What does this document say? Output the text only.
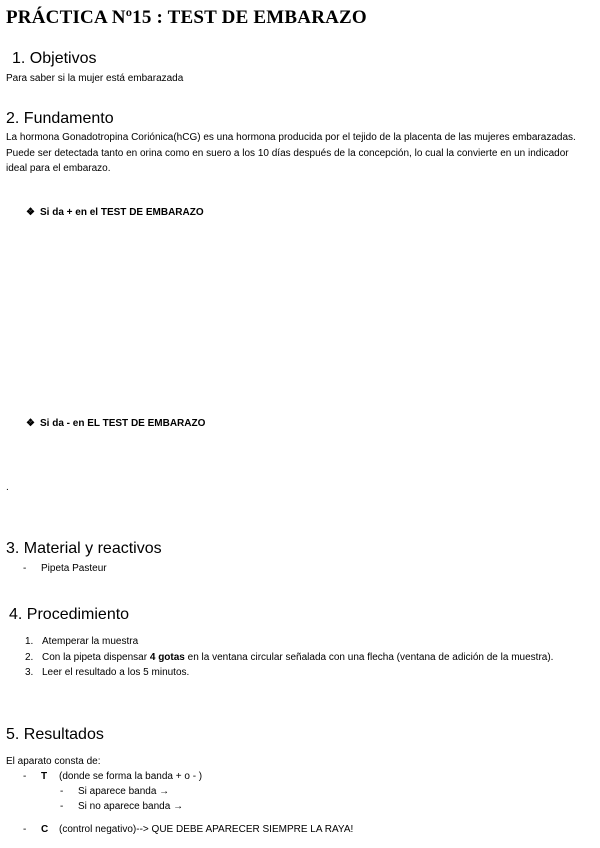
PRÁCTICA Nº15 : TEST DE EMBARAZO
1. Objetivos
Para saber si la mujer está embarazada
2. Fundamento
La hormona Gonadotropina Coriónica(hCG) es una hormona producida por el tejido de la placenta de las mujeres embarazadas. Puede ser detectada tanto en orina como en suero a los 10 días después de la concepción, lo cual la convierte en un indicador ideal para el embarazo.
❖ Si da + en el TEST DE EMBARAZO
❖ Si da - en EL TEST DE EMBARAZO
.
3. Material y reactivos
- Pipeta Pasteur
4. Procedimiento
1. Atemperar la muestra
2. Con la pipeta dispensar 4 gotas en la ventana circular señalada con una flecha (ventana de adición de la muestra).
3. Leer el resultado a los 5 minutos.
5. Resultados
El aparato consta de:
- T (donde se forma la banda + o - )
- Si aparece banda →
- Si no aparece banda →
- C (control negativo)--> QUE DEBE APARECER SIEMPRE LA RAYA!
